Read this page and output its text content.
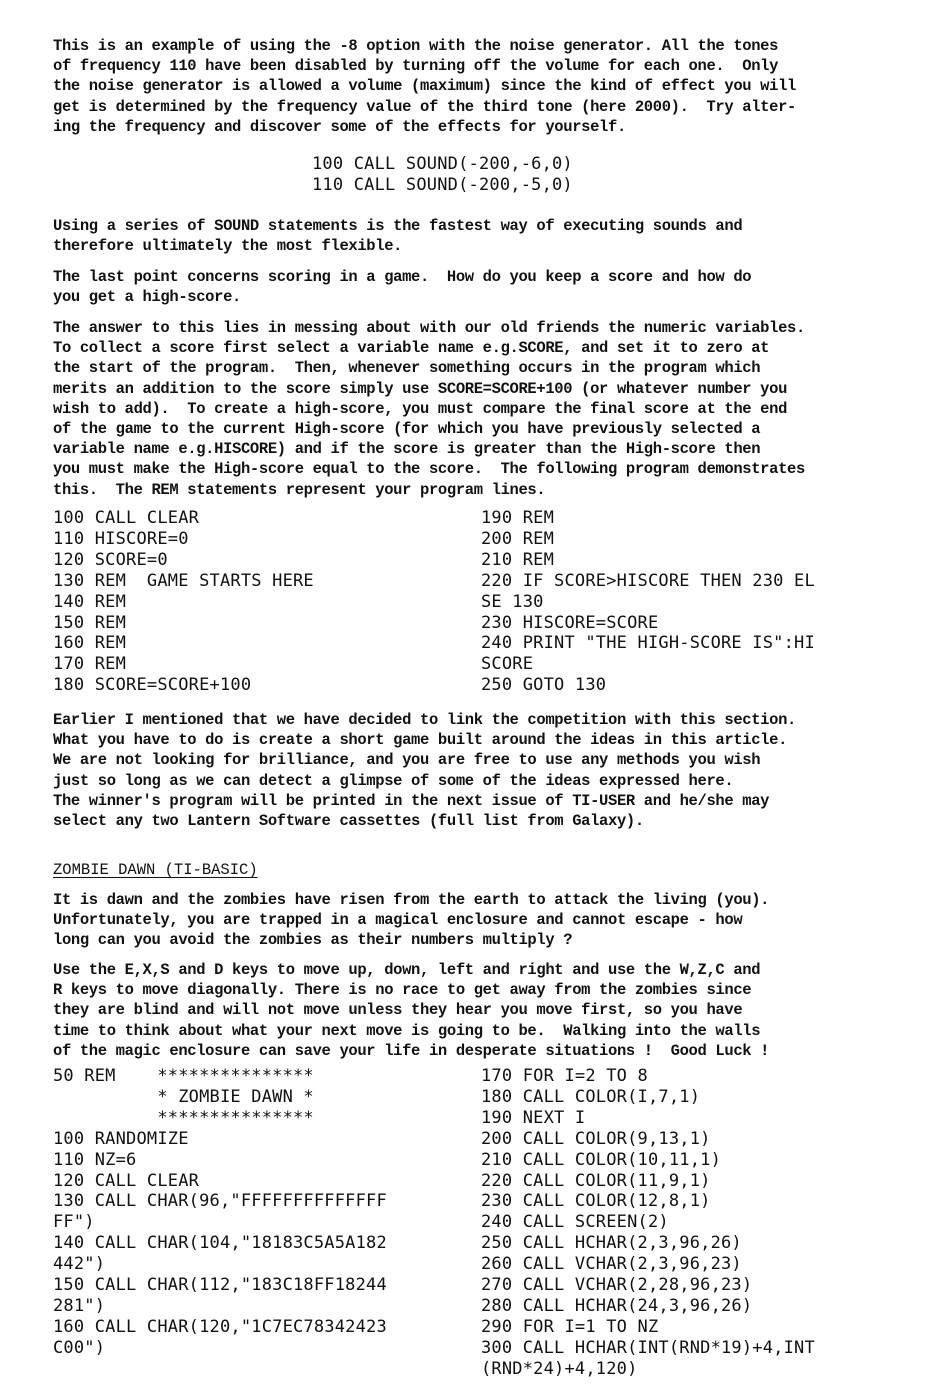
This is an example of using the -8 option with the noise generator. All the tones
of frequency 110 have been disabled by turning off the volume for each one.  Only
the noise generator is allowed a volume (maximum) since the kind of effect you will
get is determined by the frequency value of the third tone (here 2000).  Try alter-
ing the frequency and discover some of the effects for yourself.

100 CALL SOUND(-200,-6,0)
110 CALL SOUND(-200,-5,0)

Using a series of SOUND statements is the fastest way of executing sounds and
therefore ultimately the most flexible.

The last point concerns scoring in a game.  How do you keep a score and how do
you get a high-score.

The answer to this lies in messing about with our old friends the numeric variables.
To collect a score first select a variable name e.g.SCORE, and set it to zero at
the start of the program.  Then, whenever something occurs in the program which
merits an addition to the score simply use SCORE=SCORE+100 (or whatever number you
wish to add).  To create a high-score, you must compare the final score at the end
of the game to the current High-score (for which you have previously selected a
variable name e.g.HISCORE) and if the score is greater than the High-score then
you must make the High-score equal to the score.  The following program demonstrates
this.  The REM statements represent your program lines.

100 CALL CLEAR
110 HISCORE=0
120 SCORE=0
130 REM  GAME STARTS HERE
140 REM
150 REM
160 REM
170 REM
180 SCORE=SCORE+100
190 REM
200 REM
210 REM
220 IF SCORE>HISCORE THEN 230 EL
SE 130
230 HISCORE=SCORE
240 PRINT "THE HIGH-SCORE IS":HI
SCORE
250 GOTO 130

Earlier I mentioned that we have decided to link the competition with this section.
What you have to do is create a short game built around the ideas in this article.
We are not looking for brilliance, and you are free to use any methods you wish
just so long as we can detect a glimpse of some of the ideas expressed here.
The winner's program will be printed in the next issue of TI-USER and he/she may
select any two Lantern Software cassettes (full list from Galaxy).

ZOMBIE DAWN (TI-BASIC)

It is dawn and the zombies have risen from the earth to attack the living (you).
Unfortunately, you are trapped in a magical enclosure and cannot escape - how
long can you avoid the zombies as their numbers multiply ?

Use the E,X,S and D keys to move up, down, left and right and use the W,Z,C and
R keys to move diagonally. There is no race to get away from the zombies since
they are blind and will not move unless they hear you move first, so you have
time to think about what your next move is going to be.  Walking into the walls
of the magic enclosure can save your life in desperate situations !  Good Luck !

50 REM    ***************
* ZOMBIE DAWN *
***************
100 RANDOMIZE
110 NZ=6
120 CALL CLEAR
130 CALL CHAR(96,"FFFFFFFFFFFFFF
FF")
140 CALL CHAR(104,"18183C5A5A182
442")
150 CALL CHAR(112,"183C18FF18244
281")
160 CALL CHAR(120,"1C7EC78342423
C00")
170 FOR I=2 TO 8
180 CALL COLOR(I,7,1)
190 NEXT I
200 CALL COLOR(9,13,1)
210 CALL COLOR(10,11,1)
220 CALL COLOR(11,9,1)
230 CALL COLOR(12,8,1)
240 CALL SCREEN(2)
250 CALL HCHAR(2,3,96,26)
260 CALL VCHAR(2,3,96,23)
270 CALL VCHAR(2,28,96,23)
280 CALL HCHAR(24,3,96,26)
290 FOR I=1 TO NZ
300 CALL HCHAR(INT(RND*19)+4,INT
(RND*24)+4,120)
